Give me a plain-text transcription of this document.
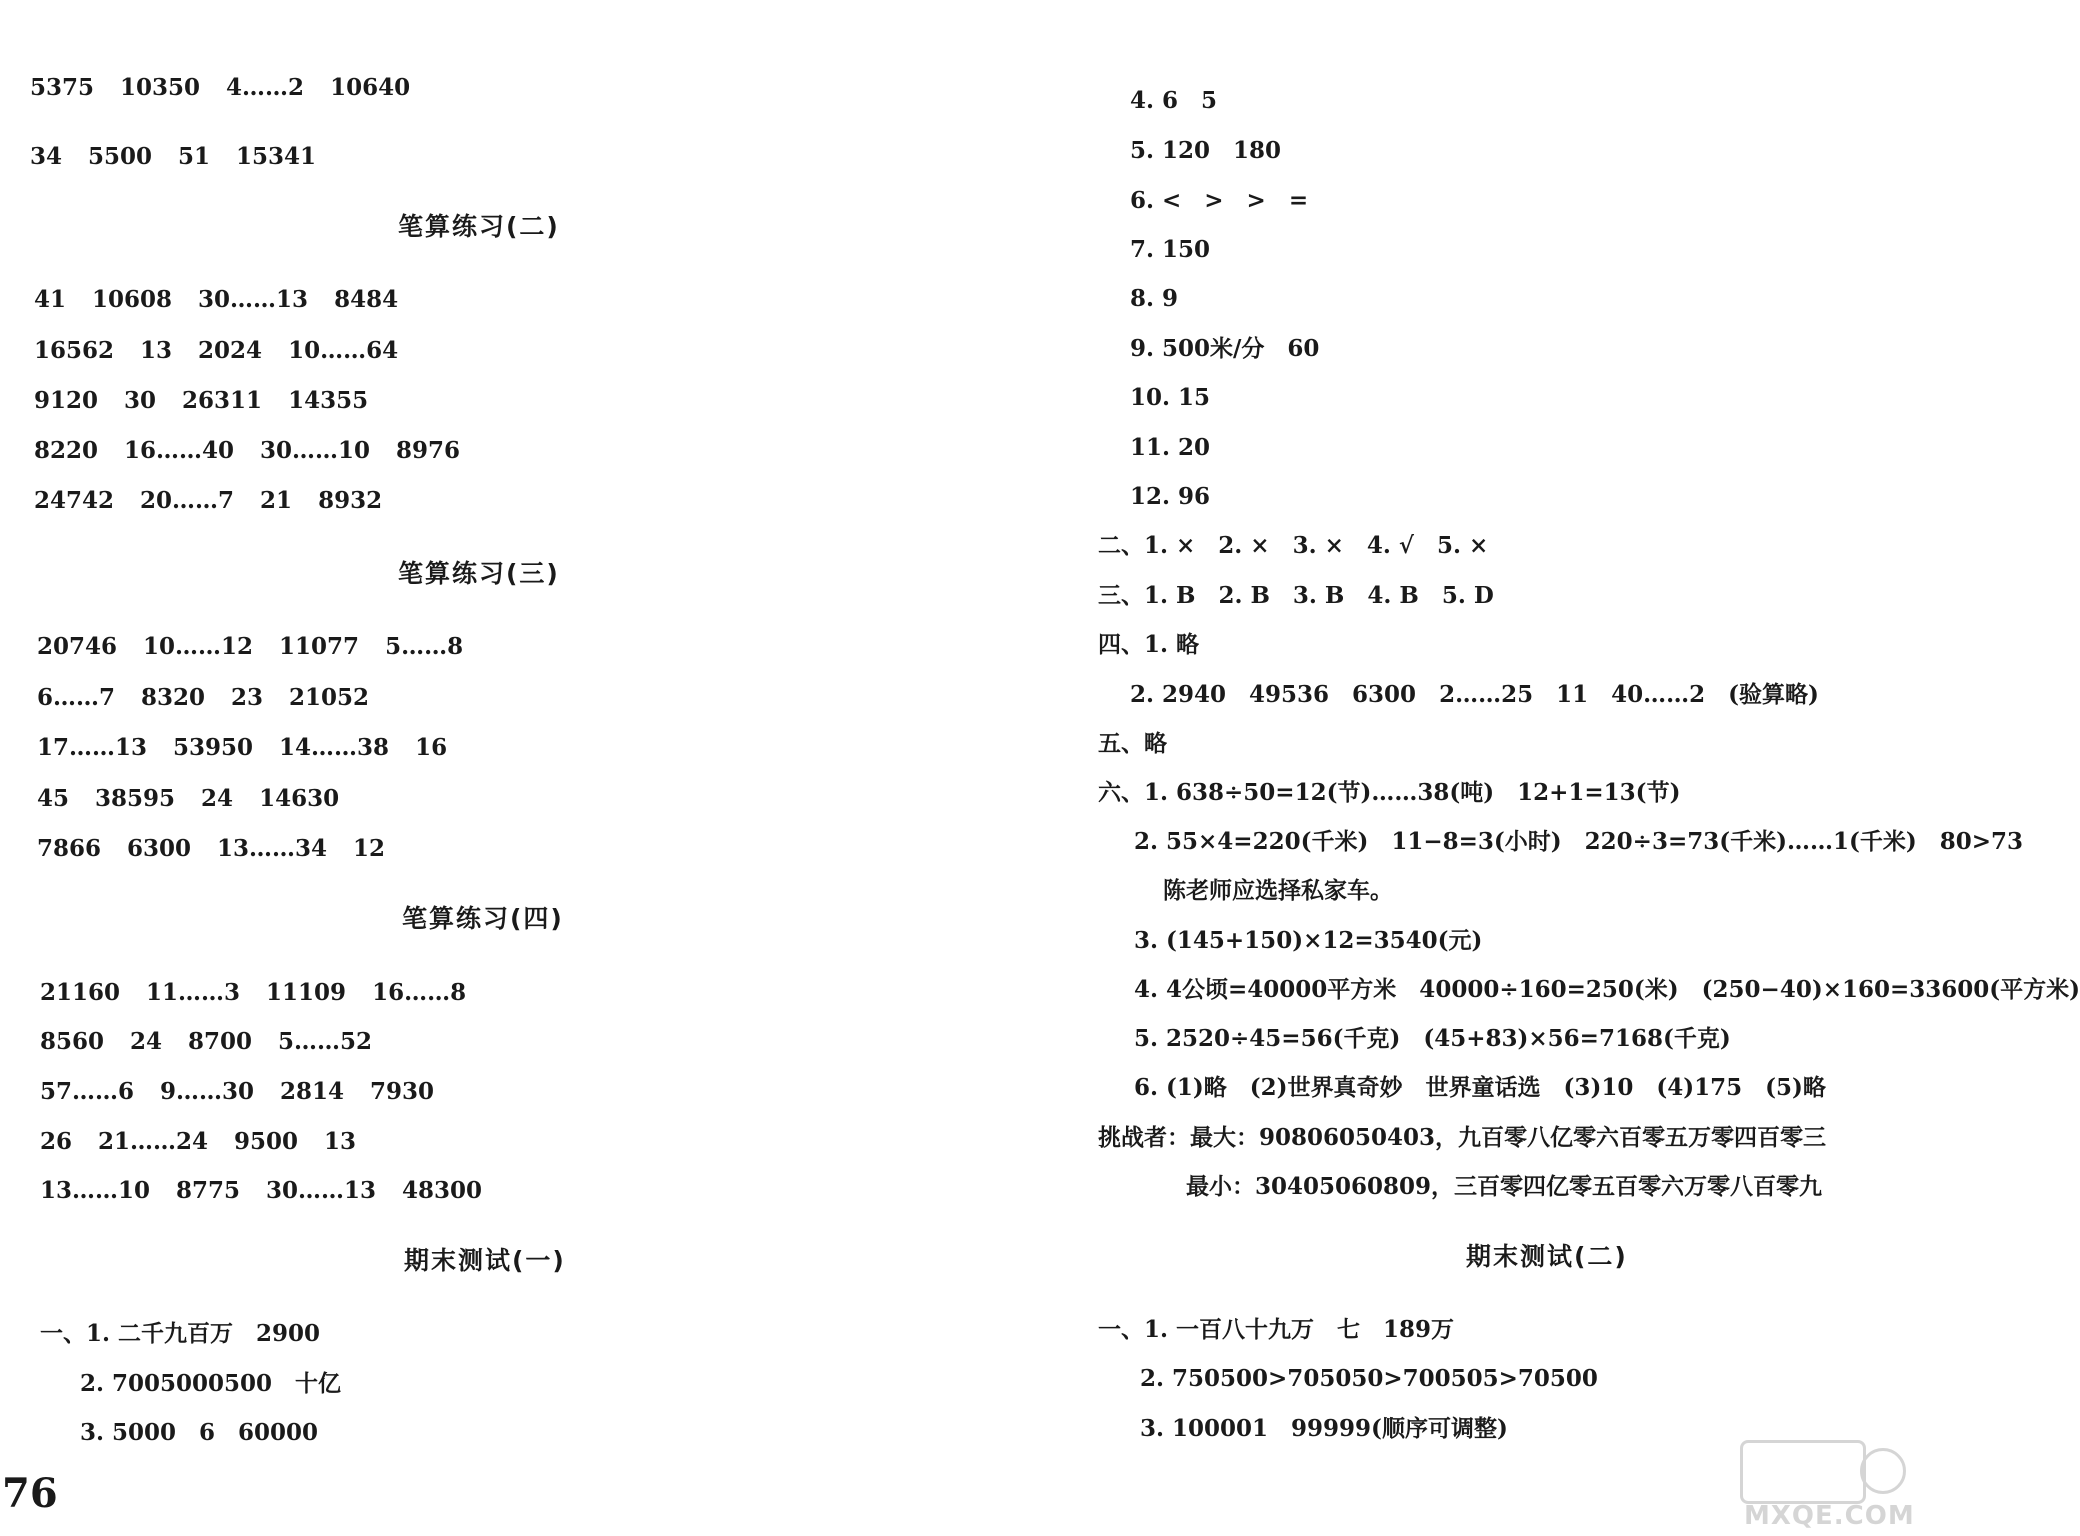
5375 10350 4……2 10640
34 5500 51 15341
笔算练习(二)
41 10608 30……13 8484
16562 13 2024 10……64
9120 30 26311 14355
8220 16……40 30……10 8976
24742 20……7 21 8932
笔算练习(三)
20746 10……12 11077 5……8
6……7 8320 23 21052
17……13 53950 14……38 16
45 38595 24 14630
7866 6300 13……34 12
笔算练习(四)
21160 11……3 11109 16……8
8560 24 8700 5……52
57……6 9……30 2814 7930
26 21……24 9500 13
13……10 8775 30……13 48300
期末测试(一)
一、1. 二千九百万　2900
2. 7005000500　十亿
3. 5000　6　60000
76
4. 6　5
5. 120　180
6. <　>　>　=
7. 150
8. 9
9. 500米/分　60
10. 15
11. 20
12. 96
二、1. ×　2. ×　3. ×　4. √　5. ×
三、1. B　2. B　3. B　4. B　5. D
四、1. 略
2. 2940　49536　6300　2……25　11　40……2　(验算略)
五、略
六、1. 638÷50=12(节)……38(吨)　12+1=13(节)
2. 55×4=220(千米)　11−8=3(小时)　220÷3=73(千米)……1(千米)　80>73
陈老师应选择私家车。
3. (145+150)×12=3540(元)
4. 4公顷=40000平方米　40000÷160=250(米)　(250−40)×160=33600(平方米)
5. 2520÷45=56(千克)　(45+83)×56=7168(千克)
6. (1)略　(2)世界真奇妙　世界童话选　(3)10　(4)175　(5)略
挑战者：最大：90806050403，九百零八亿零六百零五万零四百零三
最小：30405060809，三百零四亿零五百零六万零八百零九
期末测试(二)
一、1. 一百八十九万　七　189万
2. 750500>705050>700505>70500
3. 100001　99999(顺序可调整)
MXQE.COM
